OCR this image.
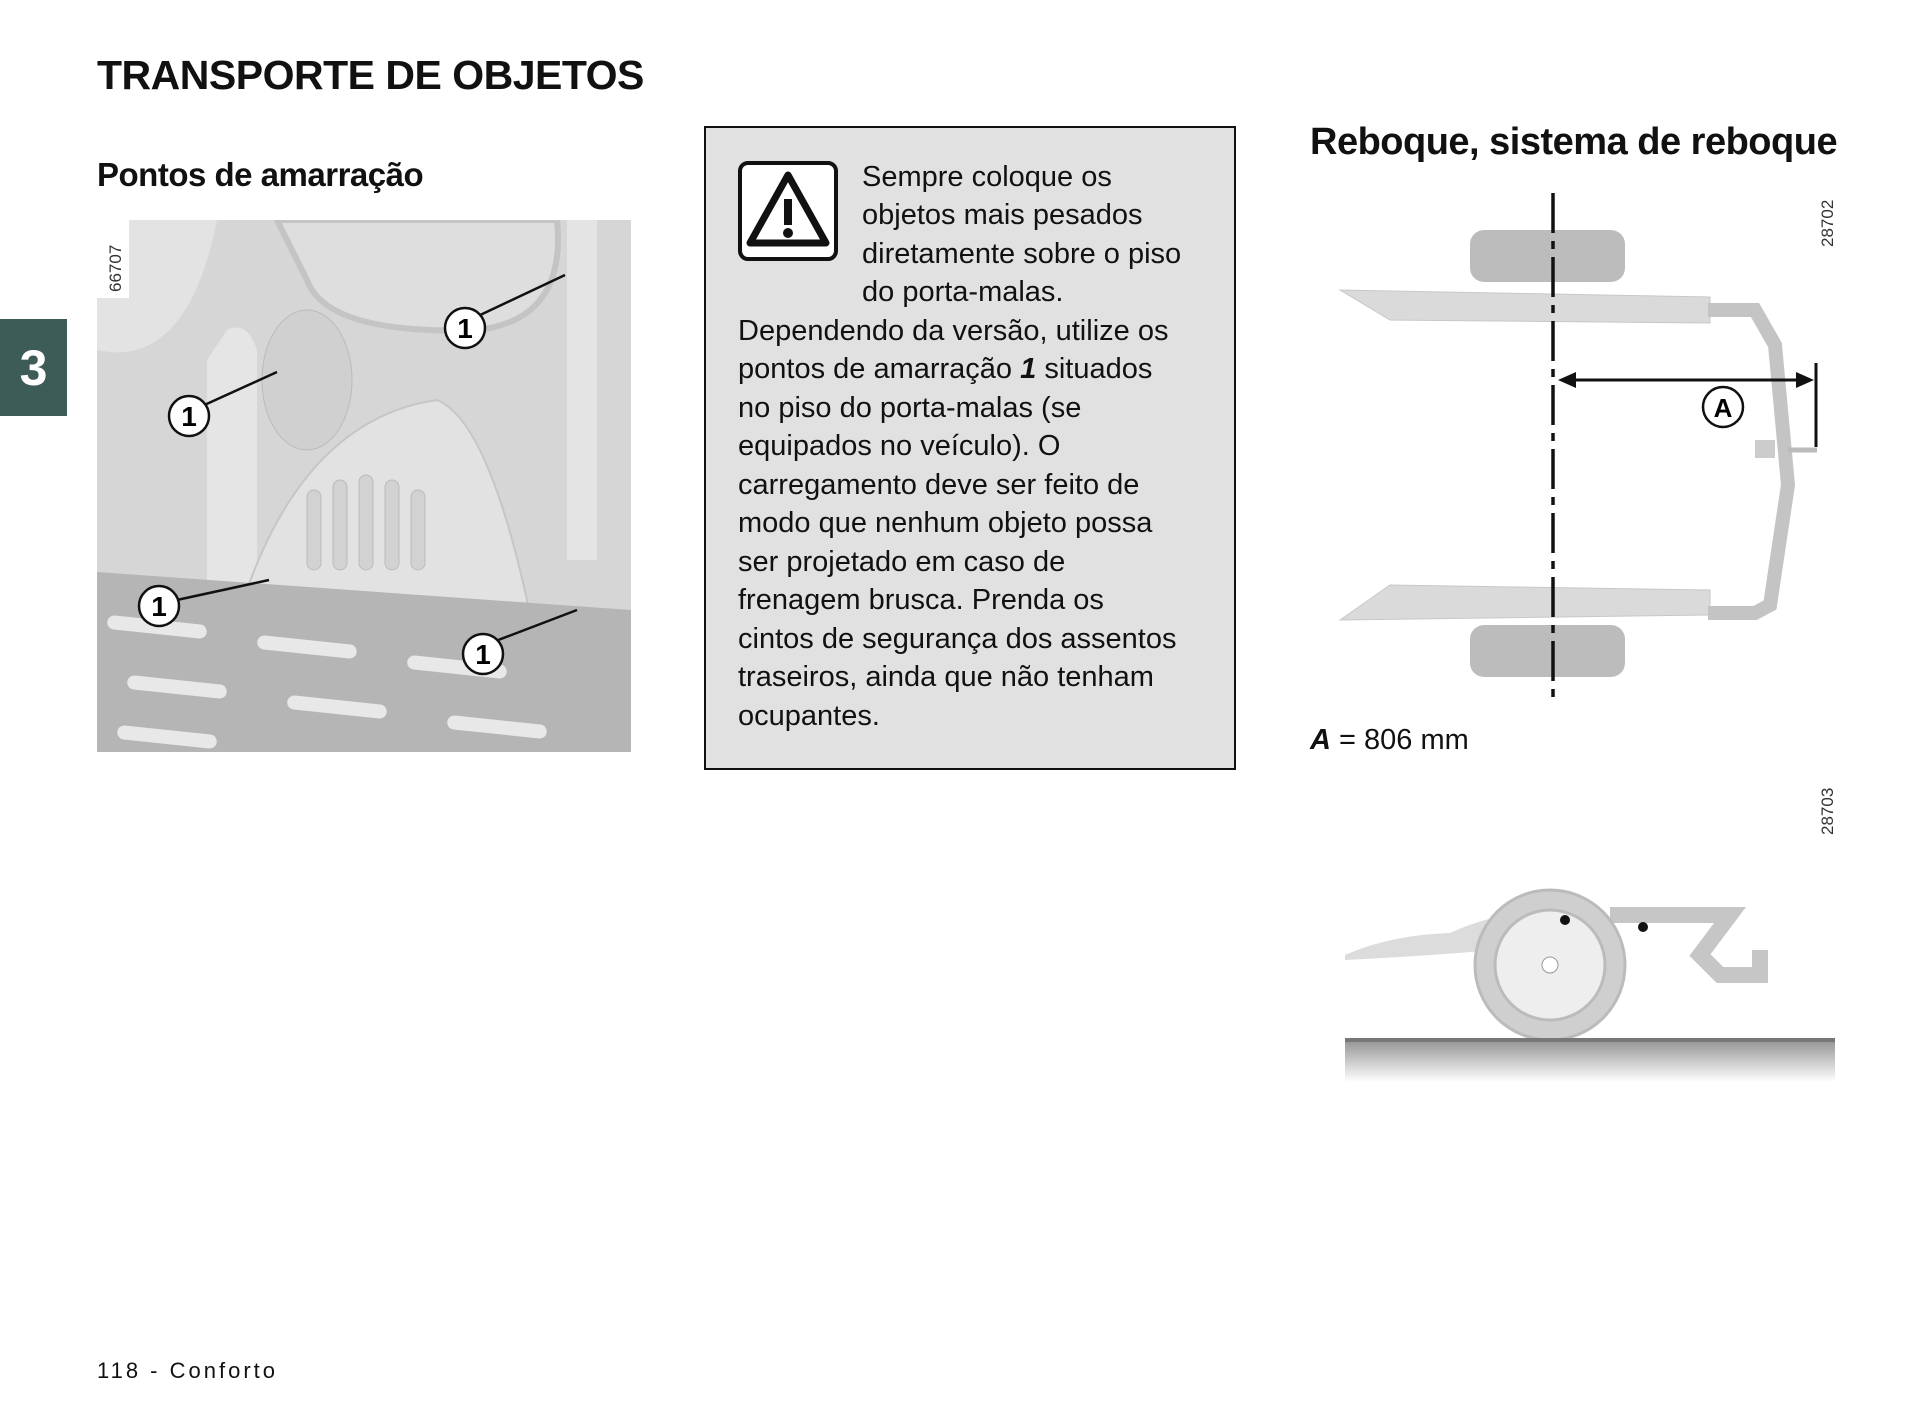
TRANSPORTE DE OBJETOS
3
Pontos de amarração
66707
1
1
1
1
Sempre coloque os
objetos mais pesados
diretamente sobre o piso
do porta-malas.
Dependendo da versão, utilize os
pontos de amarração 1 situados
no piso do porta-malas (se
equipados no veículo). O
carregamento deve ser feito de
modo que nenhum objeto possa
ser projetado em caso de
frenagem brusca. Prenda os
cintos de segurança dos assentos
traseiros, ainda que não tenham
ocupantes.
Reboque, sistema de reboque
A
28702
A = 806 mm
28703
118 - Conforto
